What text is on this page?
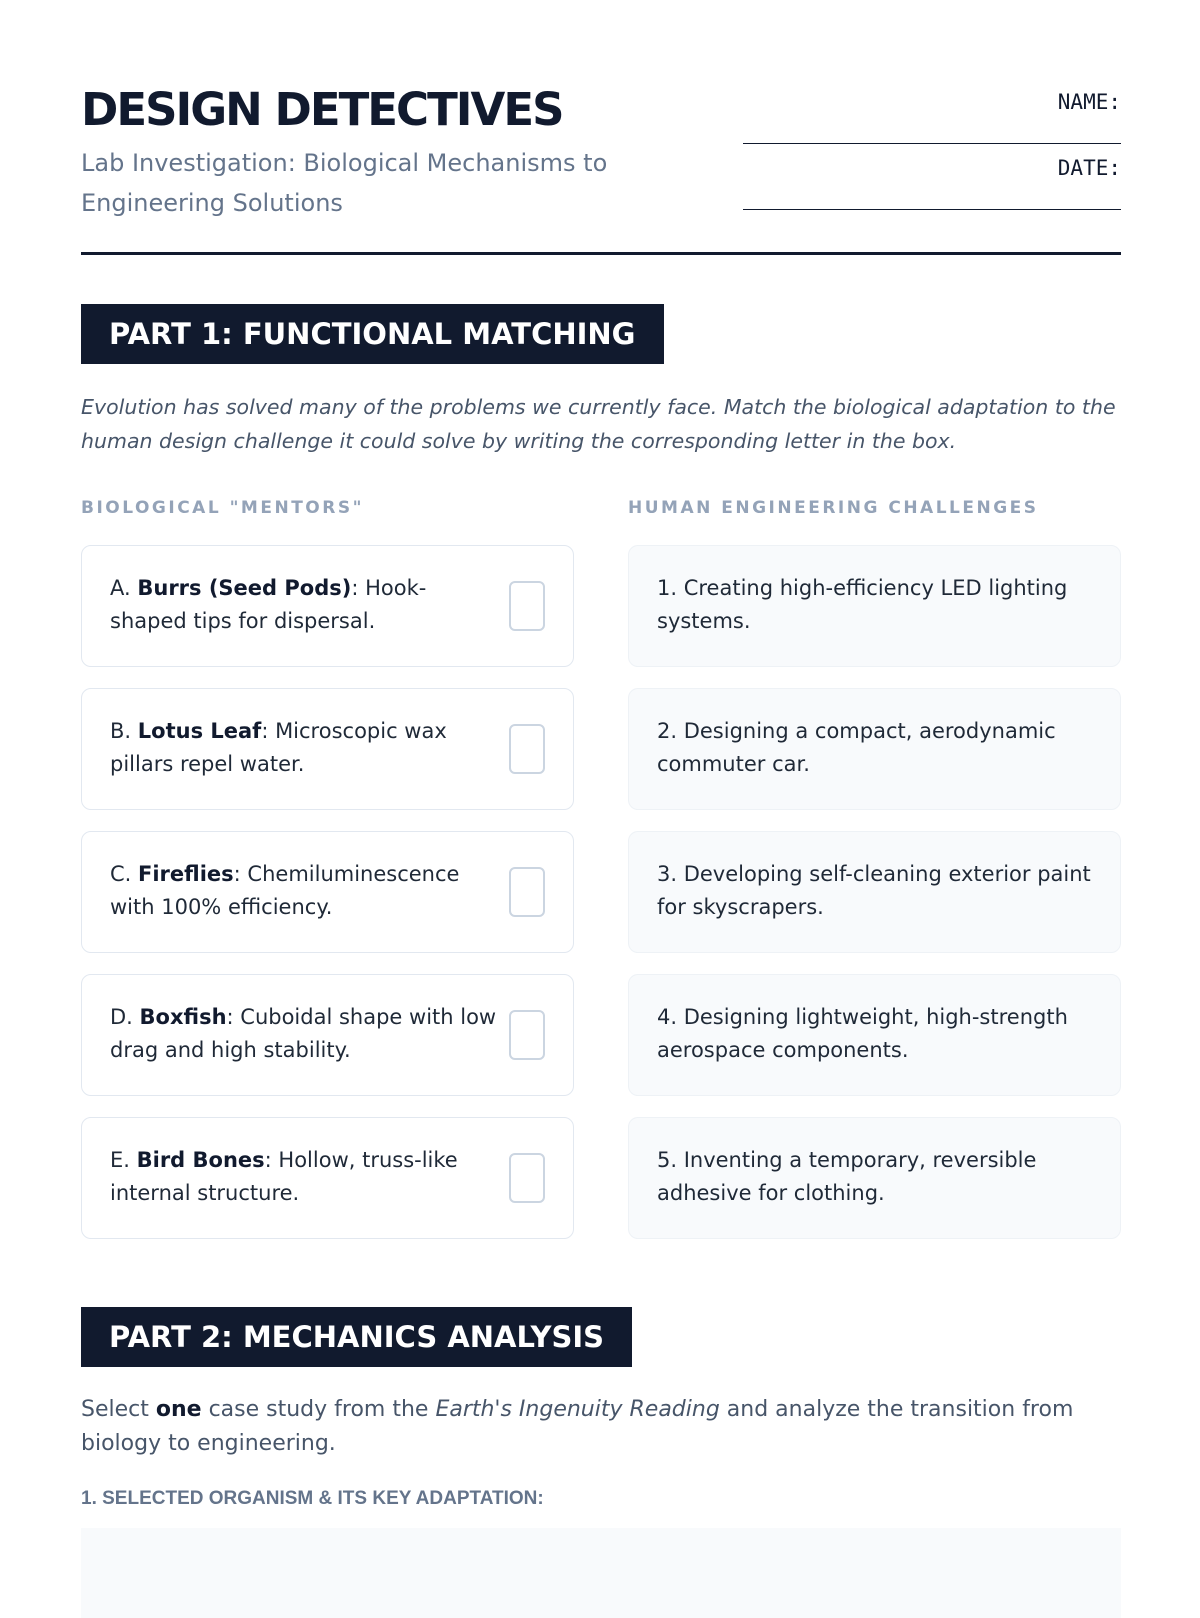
DESIGN DETECTIVES

Lab Investigation: Biological Mechanisms to Engineering Solutions

NAME:
DATE:
PART 1: FUNCTIONAL MATCHING

Evolution has solved many of the problems we currently face. Match the biological adaptation to the human design challenge it could solve by writing the corresponding letter in the box.

BIOLOGICAL "MENTORS"	HUMAN ENGINEERING CHALLENGES

A. Burrs (Seed Pods): Hook-shaped tips for dispersal.
B. Lotus Leaf: Microscopic wax pillars repel water.
C. Fireflies: Chemiluminescence with 100% efficiency.
D. Boxfish: Cuboidal shape with low drag and high stability.
E. Bird Bones: Hollow, truss-like internal structure.
1. Creating high-efficiency LED lighting systems.
2. Designing a compact, aerodynamic commuter car.
3. Developing self-cleaning exterior paint for skyscrapers.
4. Designing lightweight, high-strength aerospace components.
5. Inventing a temporary, reversible adhesive for clothing.
PART 2: MECHANICS ANALYSIS

Select one case study from the Earth's Ingenuity Reading and analyze the transition from biology to engineering.

1. SELECTED ORGANISM & ITS KEY ADAPTATION:
